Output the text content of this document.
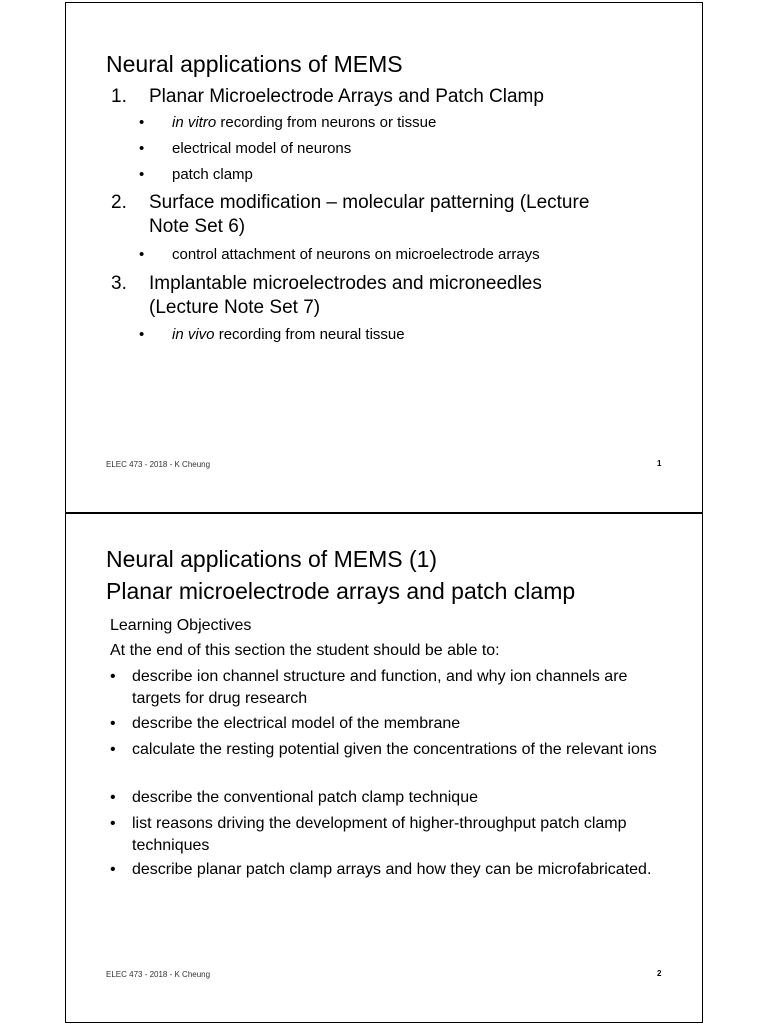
Neural applications of MEMS
1. Planar Microelectrode Arrays and Patch Clamp
• in vitro recording from neurons or tissue
• electrical model of neurons
• patch clamp
2. Surface modification – molecular patterning (Lecture Note Set 6)
• control attachment of neurons on microelectrode arrays
3. Implantable microelectrodes and microneedles (Lecture Note Set 7)
• in vivo recording from neural tissue
ELEC 473 - 2018 - K Cheung	1
Neural applications of MEMS (1)
Planar microelectrode arrays and patch clamp
Learning Objectives
At the end of this section the student should be able to:
• describe ion channel structure and function, and why ion channels are targets for drug research
• describe the electrical model of the membrane
• calculate the resting potential given the concentrations of the relevant ions
• describe the conventional patch clamp technique
• list reasons driving the development of higher-throughput patch clamp techniques
• describe planar patch clamp arrays and how they can be microfabricated.
ELEC 473 - 2018 - K Cheung	2
